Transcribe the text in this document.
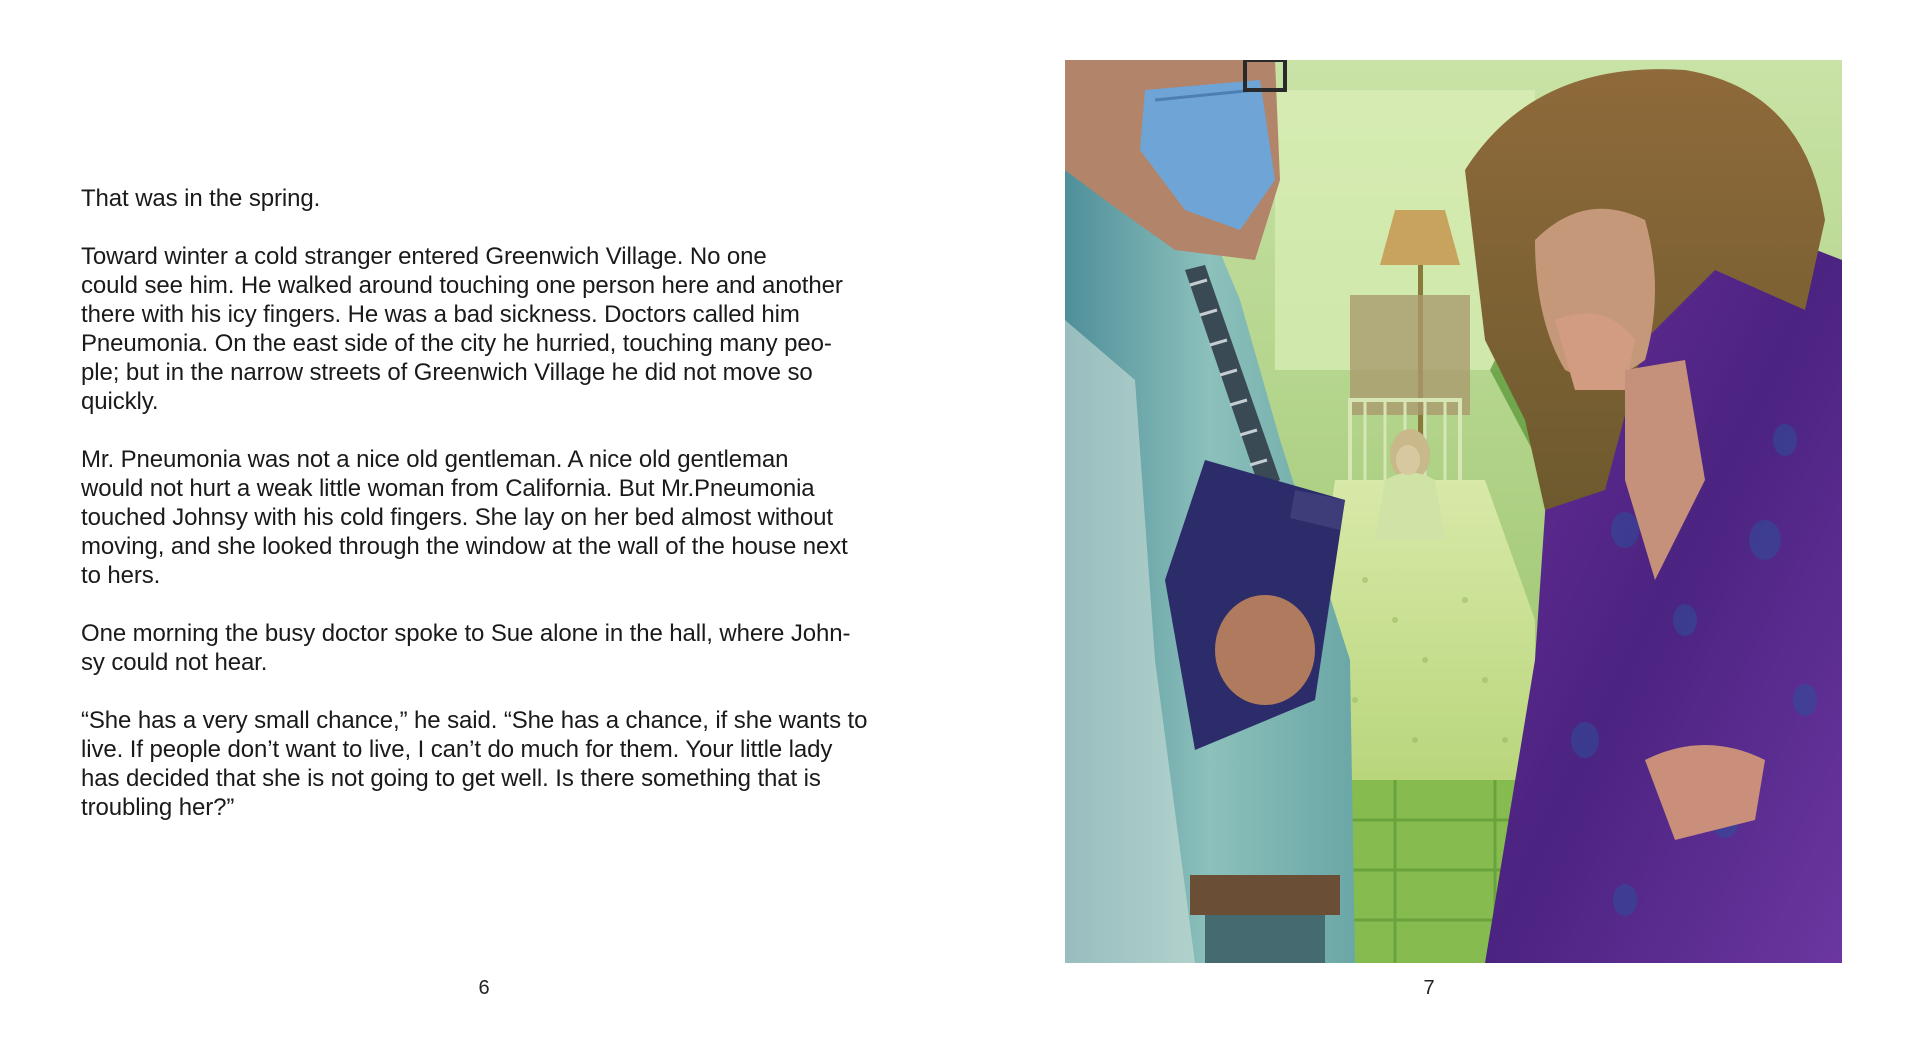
That was in the spring.

Toward winter a cold stranger entered Greenwich Village. No one
could see him. He walked around touching one person here and another
there with his icy fingers. He was a bad sickness. Doctors called him
Pneumonia. On the east side of the city he hurried, touching many peo-
ple; but in the narrow streets of Greenwich Village he did not move so
quickly.

Mr. Pneumonia was not a nice old gentleman. A nice old gentleman
would not hurt a weak little woman from California. But Mr.Pneumonia
touched Johnsy with his cold fingers. She lay on her bed almost without
moving, and she looked through the window at the wall of the house next
to hers.

One morning the busy doctor spoke to Sue alone in the hall, where John-
sy could not hear.

“She has a very small chance,” he said. “She has a chance, if she wants to
live. If people don’t want to live, I can’t do much for them. Your little lady
has decided that she is not going to get well. Is there something that is
troubling her?”

6	7
